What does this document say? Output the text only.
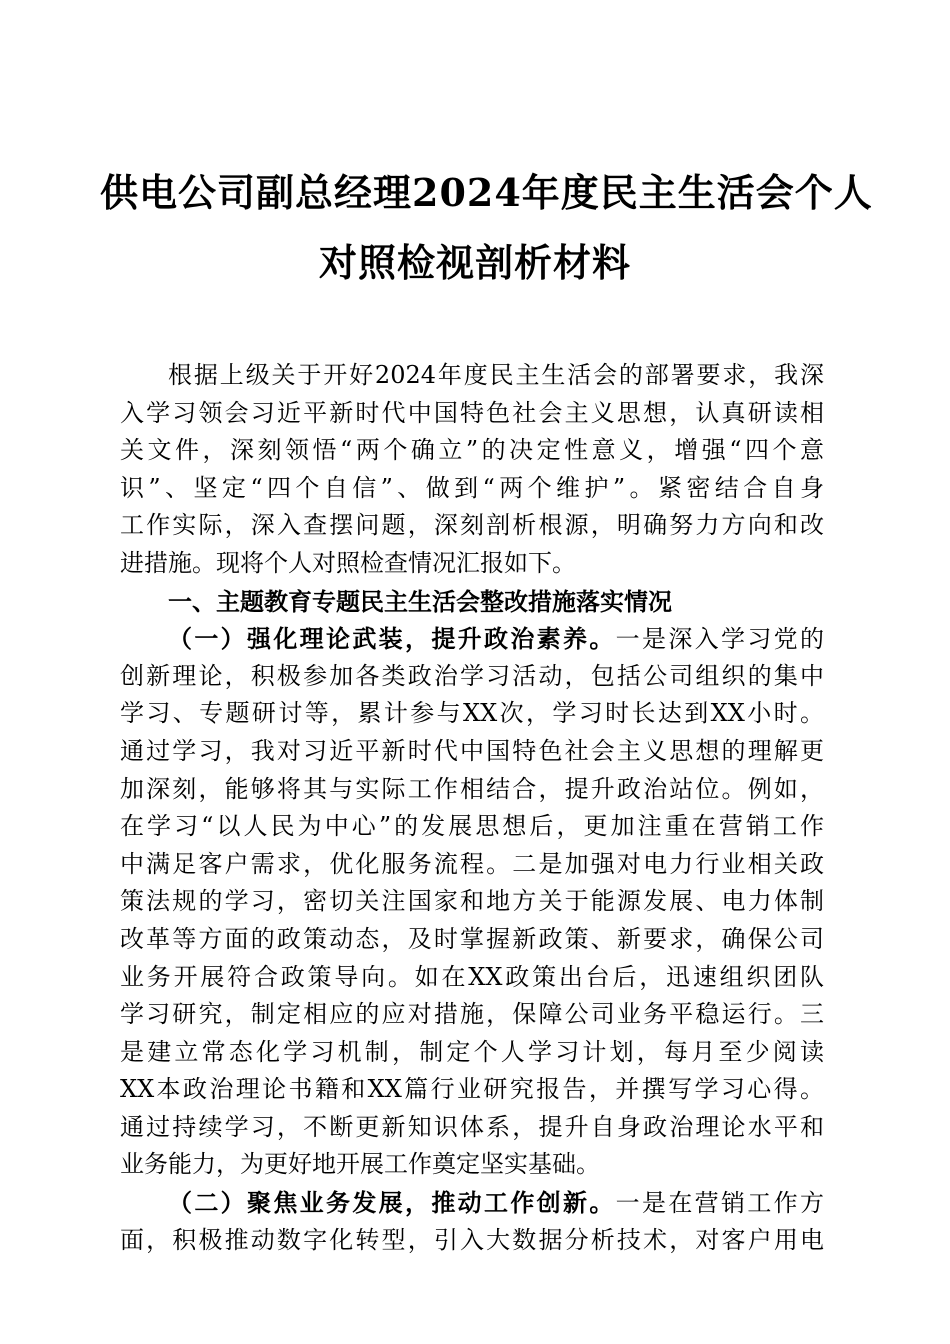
供电公司副总经理2024年度民主生活会个人
对照检视剖析材料
根据上级关于开好2024年度民主生活会的部署要求，我深
入学习领会习近平新时代中国特色社会主义思想，认真研读相
关文件，深刻领悟“两个确立”的决定性意义，增强“四个意
识”、坚定“四个自信”、做到“两个维护”。紧密结合自身
工作实际，深入查摆问题，深刻剖析根源，明确努力方向和改
进措施。现将个人对照检查情况汇报如下。
一、主题教育专题民主生活会整改措施落实情况
（一）强化理论武装，提升政治素养。一是深入学习党的
创新理论，积极参加各类政治学习活动，包括公司组织的集中
学习、专题研讨等，累计参与XX次，学习时长达到XX小时。
通过学习，我对习近平新时代中国特色社会主义思想的理解更
加深刻，能够将其与实际工作相结合，提升政治站位。例如，
在学习“以人民为中心”的发展思想后，更加注重在营销工作
中满足客户需求，优化服务流程。二是加强对电力行业相关政
策法规的学习，密切关注国家和地方关于能源发展、电力体制
改革等方面的政策动态，及时掌握新政策、新要求，确保公司
业务开展符合政策导向。如在XX政策出台后，迅速组织团队
学习研究，制定相应的应对措施，保障公司业务平稳运行。三
是建立常态化学习机制，制定个人学习计划，每月至少阅读
XX本政治理论书籍和XX篇行业研究报告，并撰写学习心得。
通过持续学习，不断更新知识体系，提升自身政治理论水平和
业务能力，为更好地开展工作奠定坚实基础。
（二）聚焦业务发展，推动工作创新。一是在营销工作方
面，积极推动数字化转型，引入大数据分析技术，对客户用电
